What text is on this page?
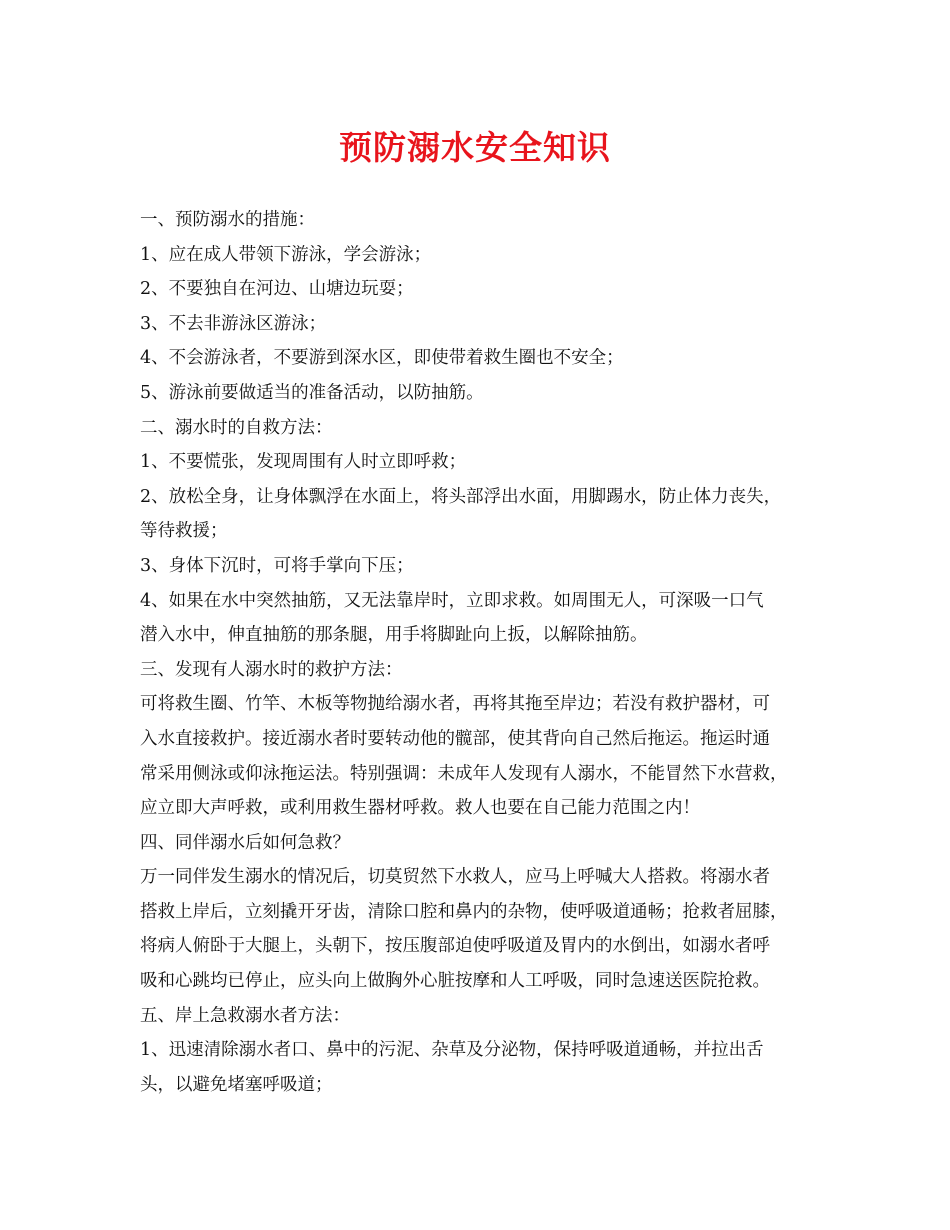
预防溺水安全知识
一、预防溺水的措施：
1、应在成人带领下游泳，学会游泳；
2、不要独自在河边、山塘边玩耍；
3、不去非游泳区游泳；
4、不会游泳者，不要游到深水区，即使带着救生圈也不安全；
5、游泳前要做适当的准备活动，以防抽筋。
二、溺水时的自救方法：
1、不要慌张，发现周围有人时立即呼救；
2、放松全身，让身体飘浮在水面上，将头部浮出水面，用脚踢水，防止体力丧失，
等待救援；
3、身体下沉时，可将手掌向下压；
4、如果在水中突然抽筋，又无法靠岸时，立即求救。如周围无人，可深吸一口气
潜入水中，伸直抽筋的那条腿，用手将脚趾向上扳，以解除抽筋。
三、发现有人溺水时的救护方法：
可将救生圈、竹竿、木板等物抛给溺水者，再将其拖至岸边；若没有救护器材，可
入水直接救护。接近溺水者时要转动他的髋部，使其背向自己然后拖运。拖运时通
常采用侧泳或仰泳拖运法。特别强调：未成年人发现有人溺水，不能冒然下水营救，
应立即大声呼救，或利用救生器材呼救。救人也要在自己能力范围之内！
四、同伴溺水后如何急救？
万一同伴发生溺水的情况后，切莫贸然下水救人，应马上呼喊大人搭救。将溺水者
搭救上岸后，立刻撬开牙齿，清除口腔和鼻内的杂物，使呼吸道通畅；抢救者屈膝，
将病人俯卧于大腿上，头朝下，按压腹部迫使呼吸道及胃内的水倒出，如溺水者呼
吸和心跳均已停止，应头向上做胸外心脏按摩和人工呼吸，同时急速送医院抢救。
五、岸上急救溺水者方法：
1、迅速清除溺水者口、鼻中的污泥、杂草及分泌物，保持呼吸道通畅，并拉出舌
头，以避免堵塞呼吸道；
